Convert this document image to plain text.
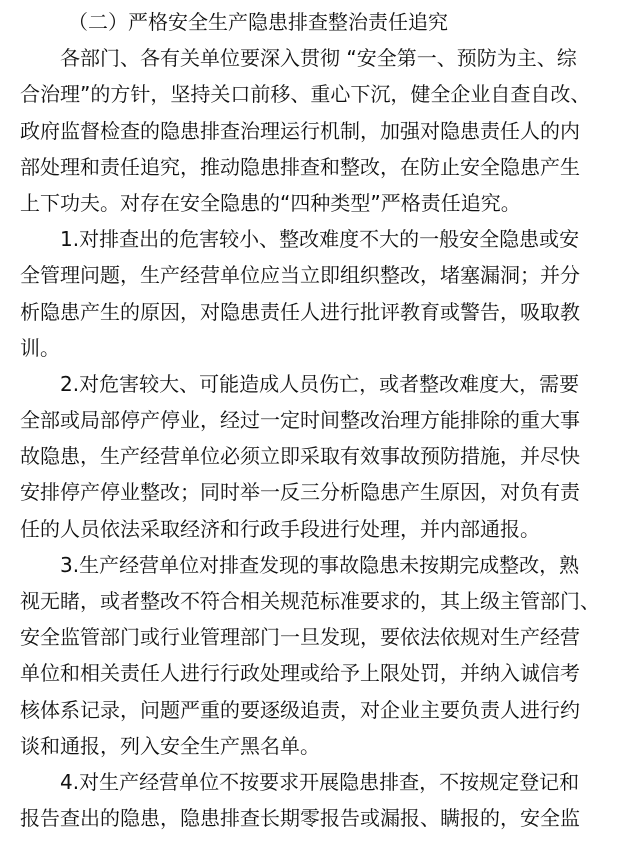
（二）严格安全生产隐患排查整治责任追究
各部门、各有关单位要深入贯彻 “安全第一、预防为主、综
合治理”的方针，坚持关口前移、重心下沉，健全企业自查自改、
政府监督检查的隐患排查治理运行机制，加强对隐患责任人的内
部处理和责任追究，推动隐患排查和整改，在防止安全隐患产生
上下功夫。对存在安全隐患的“四种类型”严格责任追究。
1.对排查出的危害较小、整改难度不大的一般安全隐患或安
全管理问题，生产经营单位应当立即组织整改，堵塞漏洞；并分
析隐患产生的原因，对隐患责任人进行批评教育或警告，吸取教
训。
2.对危害较大、可能造成人员伤亡，或者整改难度大，需要
全部或局部停产停业，经过一定时间整改治理方能排除的重大事
故隐患，生产经营单位必须立即采取有效事故预防措施，并尽快
安排停产停业整改；同时举一反三分析隐患产生原因，对负有责
任的人员依法采取经济和行政手段进行处理，并内部通报。
3.生产经营单位对排查发现的事故隐患未按期完成整改，熟
视无睹，或者整改不符合相关规范标准要求的，其上级主管部门、
安全监管部门或行业管理部门一旦发现，要依法依规对生产经营
单位和相关责任人进行行政处理或给予上限处罚，并纳入诚信考
核体系记录，问题严重的要逐级追责，对企业主要负责人进行约
谈和通报，列入安全生产黑名单。
4.对生产经营单位不按要求开展隐患排查，不按规定登记和
报告查出的隐患，隐患排查长期零报告或漏报、瞒报的，安全监
